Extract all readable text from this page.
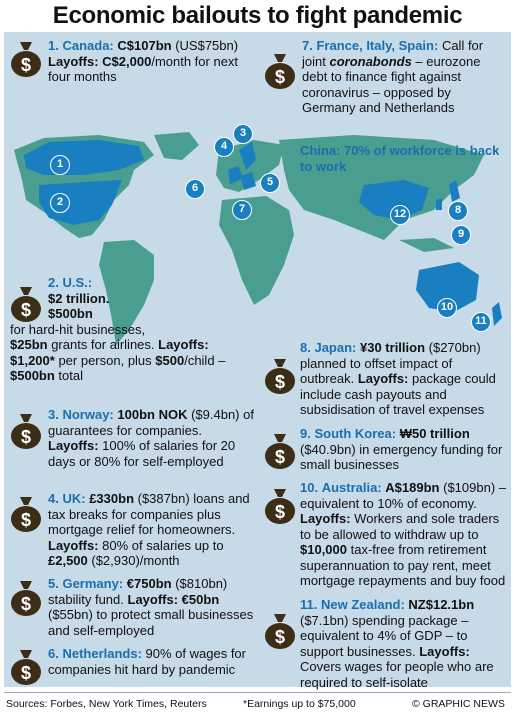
Economic bailouts to fight pandemic
1
2
3
4
5
6
7	8
9
10
11
12
$
$
$
$
$
$
$
$
$
$
$
1. Canada: C$107bn (US$75bn)
Layoffs: C$2,000/month for next four months
7. France, Italy, Spain: Call for joint coronabonds – eurozone debt to finance fight against coronavirus – opposed by Germany and Netherlands
China: 70% of workforce is back to work
2. U.S.:
$2 trillion.
$500bn
for hard-hit businesses,
$25bn grants for airlines. Layoffs: $1,200* per person, plus $500/child – $500bn total
3. Norway: 100bn NOK ($9.4bn) of guarantees for companies. Layoffs: 100% of salaries for 20 days or 80% for self-employed
4. UK: £330bn ($387bn) loans and tax breaks for companies plus mortgage relief for homeowners. Layoffs: 80% of salaries up to £2,500 ($2,930)/month
5. Germany: €750bn ($810bn) stability fund. Layoffs: €50bn ($55bn) to protect small businesses and self-employed
6. Netherlands: 90% of wages for companies hit hard by pandemic
8. Japan: ¥30 trillion ($270bn) planned to offset impact of outbreak. Layoffs: package could include cash payouts and subsidisation of travel expenses
9. South Korea: ₩50 trillion ($40.9bn) in emergency funding for small businesses
10. Australia: A$189bn ($109bn) – equivalent to 10% of economy. Layoffs: Workers and sole traders to be allowed to withdraw up to $10,000 tax-free from retirement superannuation to pay rent, meet mortgage repayments and buy food
11. New Zealand: NZ$12.1bn ($7.1bn) spending package – equivalent to 4% of GDP – to support businesses. Layoffs: Covers wages for people who are required to self-isolate
Sources: Forbes, New York Times, Reuters	*Earnings up to $75,000	© GRAPHIC NEWS
